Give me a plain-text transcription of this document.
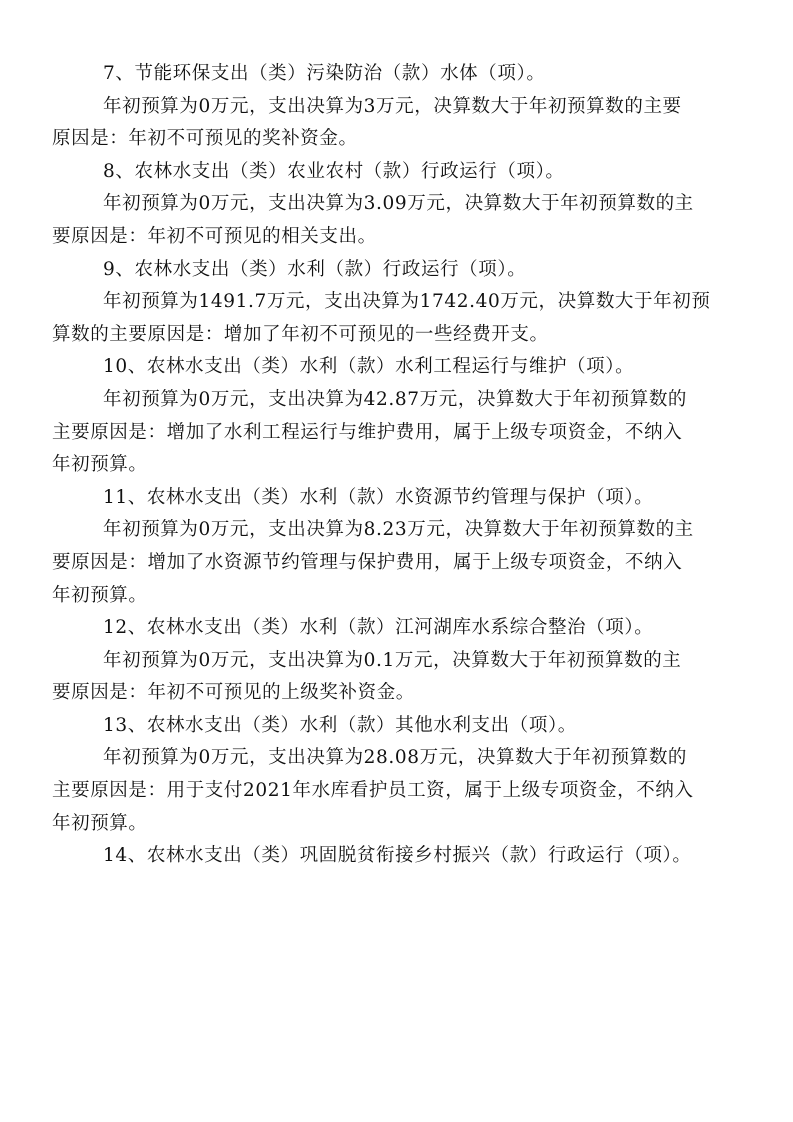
7、节能环保支出（类）污染防治（款）水体（项）。
年初预算为0万元，支出决算为3万元，决算数大于年初预算数的主要
原因是：年初不可预见的奖补资金。
8、农林水支出（类）农业农村（款）行政运行（项）。
年初预算为0万元，支出决算为3.09万元，决算数大于年初预算数的主
要原因是：年初不可预见的相关支出。
9、农林水支出（类）水利（款）行政运行（项）。
年初预算为1491.7万元，支出决算为1742.40万元，决算数大于年初预
算数的主要原因是：增加了年初不可预见的一些经费开支。
10、农林水支出（类）水利（款）水利工程运行与维护（项）。
年初预算为0万元，支出决算为42.87万元，决算数大于年初预算数的
主要原因是：增加了水利工程运行与维护费用，属于上级专项资金，不纳入
年初预算。
11、农林水支出（类）水利（款）水资源节约管理与保护（项）。
年初预算为0万元，支出决算为8.23万元，决算数大于年初预算数的主
要原因是：增加了水资源节约管理与保护费用，属于上级专项资金，不纳入
年初预算。
12、农林水支出（类）水利（款）江河湖库水系综合整治（项）。
年初预算为0万元，支出决算为0.1万元，决算数大于年初预算数的主
要原因是：年初不可预见的上级奖补资金。
13、农林水支出（类）水利（款）其他水利支出（项）。
年初预算为0万元，支出决算为28.08万元，决算数大于年初预算数的
主要原因是：用于支付2021年水库看护员工资，属于上级专项资金，不纳入
年初预算。
14、农林水支出（类）巩固脱贫衔接乡村振兴（款）行政运行（项）。
